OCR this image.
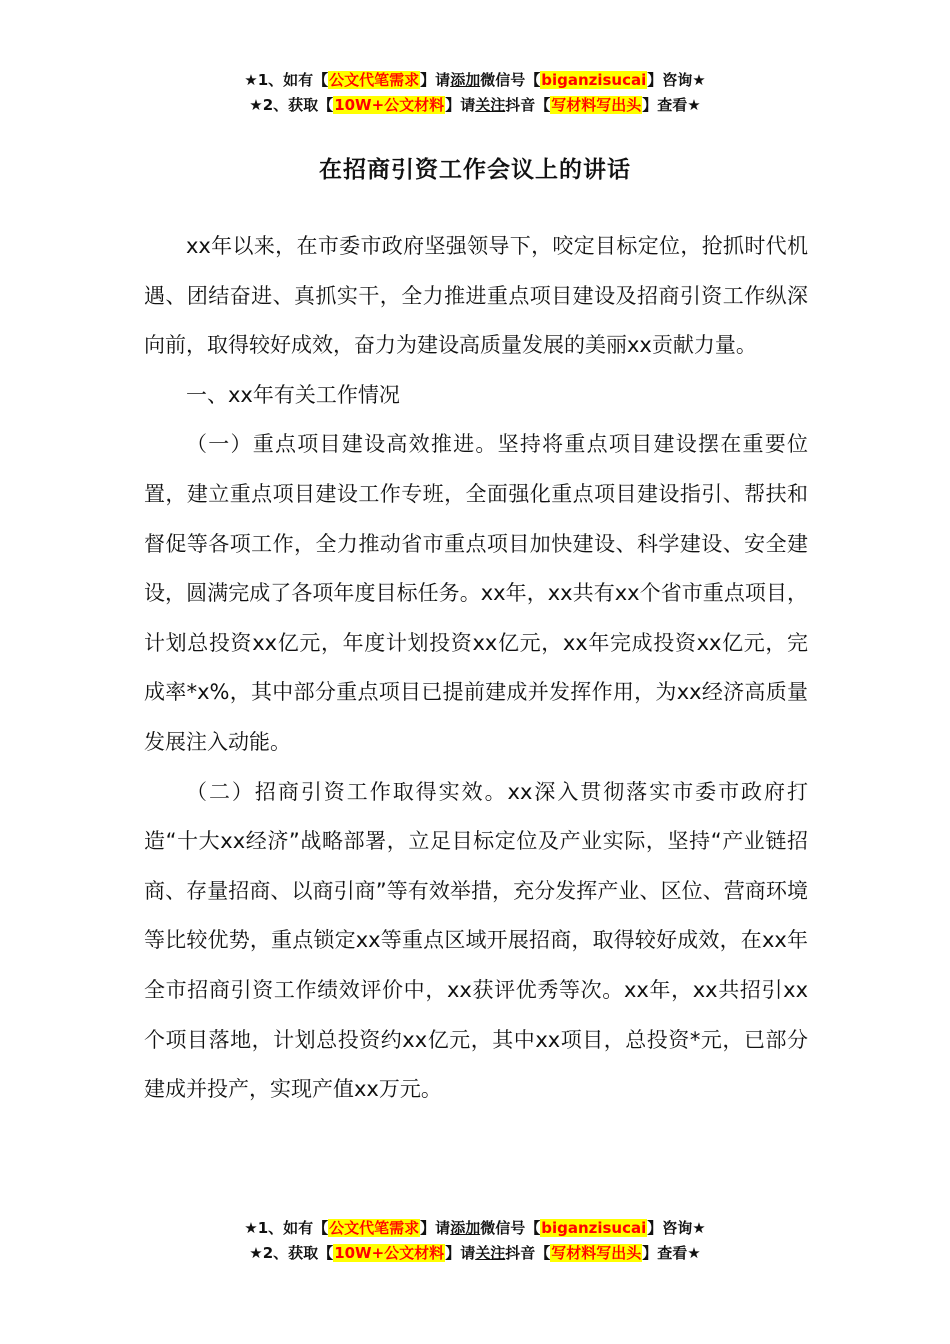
★1、如有【公文代笔需求】请添加微信号【biganzisucai】咨询★
★2、获取【10W+公文材料】请关注抖音【写材料写出头】查看★
在招商引资工作会议上的讲话

xx年以来，在市委市政府坚强领导下，咬定目标定位，抢抓时代机遇、团结奋进、真抓实干，全力推进重点项目建设及招商引资工作纵深向前，取得较好成效，奋力为建设高质量发展的美丽xx贡献力量。

一、xx年有关工作情况

（一）重点项目建设高效推进。坚持将重点项目建设摆在重要位置，建立重点项目建设工作专班，全面强化重点项目建设指引、帮扶和督促等各项工作，全力推动省市重点项目加快建设、科学建设、安全建设，圆满完成了各项年度目标任务。xx年，xx共有xx个省市重点项目，计划总投资xx亿元，年度计划投资xx亿元，xx年完成投资xx亿元，完成率*x%，其中部分重点项目已提前建成并发挥作用，为xx经济高质量发展注入动能。

（二）招商引资工作取得实效。xx深入贯彻落实市委市政府打造“十大xx经济”战略部署，立足目标定位及产业实际，坚持“产业链招商、存量招商、以商引商”等有效举措，充分发挥产业、区位、营商环境等比较优势，重点锁定xx等重点区域开展招商，取得较好成效，在xx年全市招商引资工作绩效评价中，xx获评优秀等次。xx年，xx共招引xx个项目落地，计划总投资约xx亿元，其中xx项目，总投资*元，已部分建成并投产，实现产值xx万元。

★1、如有【公文代笔需求】请添加微信号【biganzisucai】咨询★
★2、获取【10W+公文材料】请关注抖音【写材料写出头】查看★
